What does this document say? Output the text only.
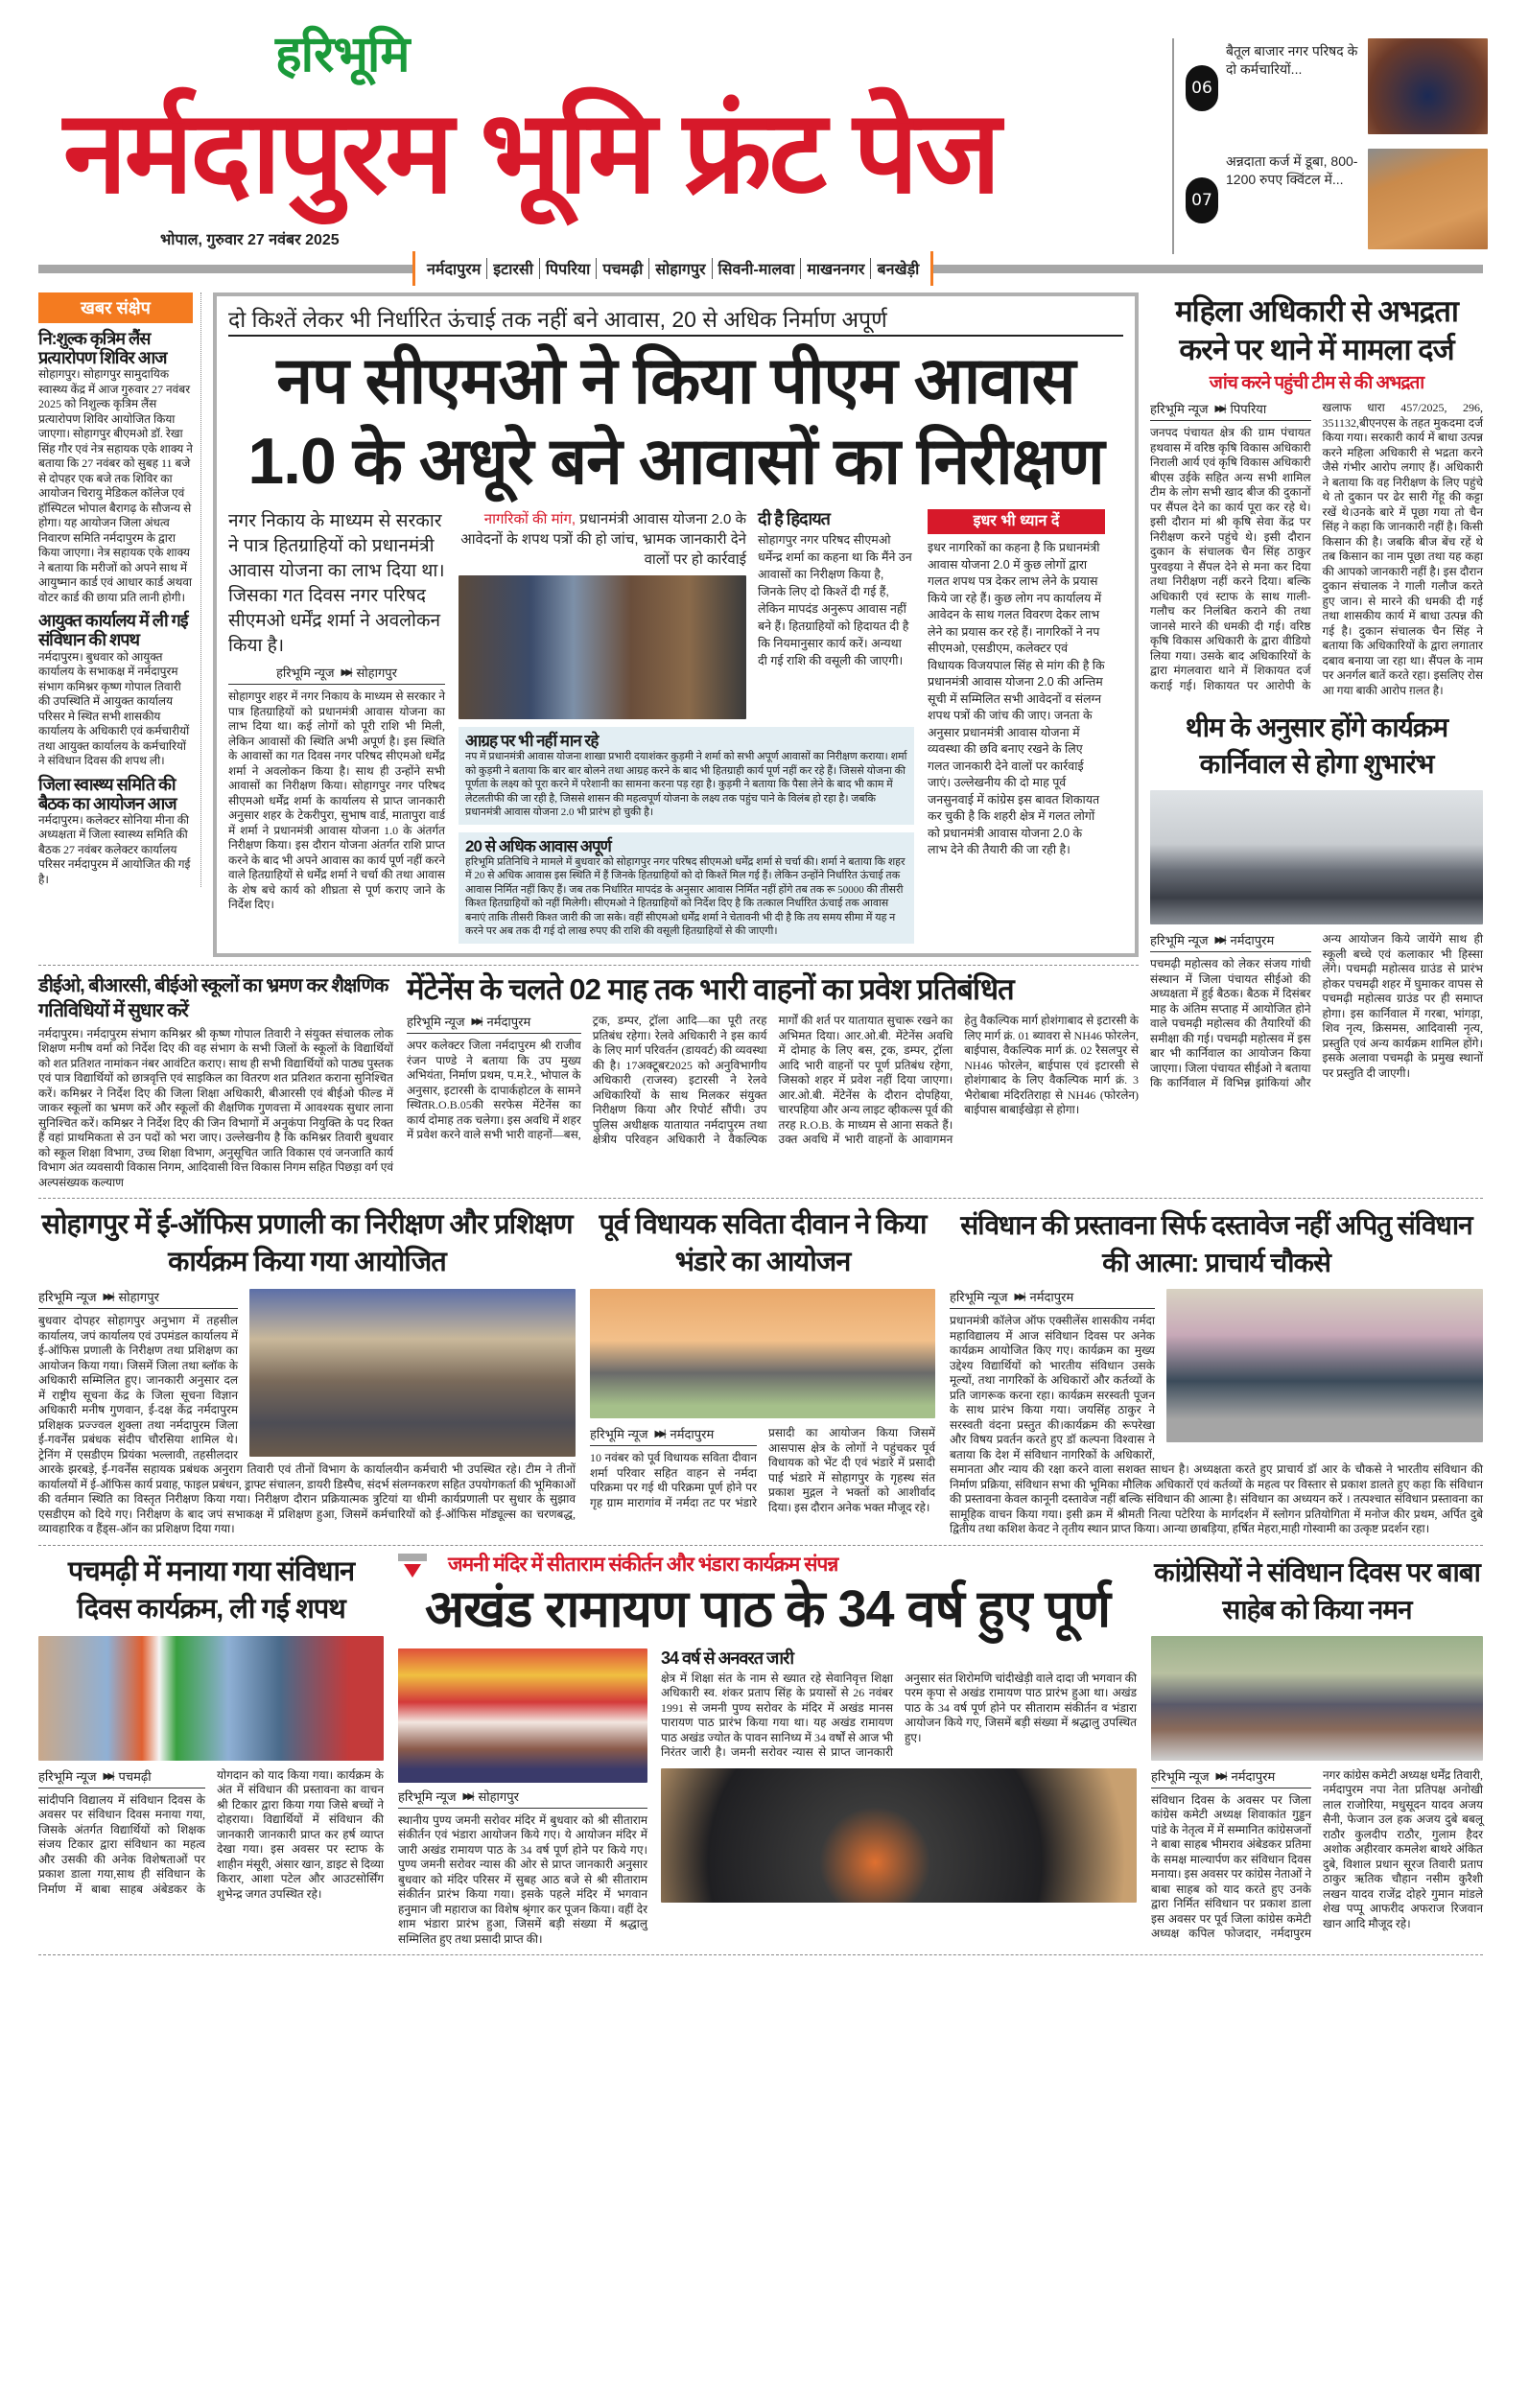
हरिभूमि
नर्मदापुरम भूमि फ्रंट पेज
भोपाल, गुरुवार 27 नवंबर 2025
06
बैतूल बाजार नगर परिषद के दो कर्मचारियों...
07
अन्नदाता कर्ज में डूबा, 800-1200 रुपए क्विंटल में...
नर्मदापुरम इटारसी पिपरिया पचमढ़ी सोहागपुर सिवनी-मालवा माखननगर बनखेड़ी
खबर संक्षेप
नि:शुल्क कृत्रिम लैंस प्रत्यारोपण शिविर आज
सोहागपुर। सोहागपुर सामुदायिक स्वास्थ्य केंद्र में आज गुरुवार 27 नवंबर 2025 को निशुल्क कृत्रिम लैंस प्रत्यारोपण शिविर आयोजित किया जाएगा। सोहागपुर बीएमओ डॉ. रेखा सिंह गौर एवं नेत्र सहायक एके शाक्य ने बताया कि 27 नवंबर को सुबह 11 बजे से दोपहर एक बजे तक शिविर का आयोजन चिरायु मेडिकल कॉलेज एवं हॉस्पिटल भोपाल बैरागढ़ के सौजन्य से होगा। यह आयोजन जिला अंधत्व निवारण समिति नर्मदापुरम के द्वारा किया जाएगा। नेत्र सहायक एके शाक्य ने बताया कि मरीजों को अपने साथ में आयुष्मान कार्ड एवं आधार कार्ड अथवा वोटर कार्ड की छाया प्रति लानी होगी।
आयुक्त कार्यालय में ली गई संविधान की शपथ
नर्मदापुरम। बुधवार को आयुक्त कार्यालय के सभाकक्ष में नर्मदापुरम संभाग कमिश्नर कृष्ण गोपाल तिवारी की उपस्थिति में आयुक्त कार्यालय परिसर मे स्थित सभी शासकीय कार्यालय के अधिकारी एवं कर्मचारीयों तथा आयुक्त कार्यालय के कर्मचारियों ने संविधान दिवस की शपथ ली।
जिला स्वास्थ्य समिति की बैठक का आयोजन आज
नर्मदापुरम। कलेक्टर सोनिया मीना की अध्यक्षता में जिला स्वास्थ्य समिति की बैठक 27 नवंबर कलेक्टर कार्यालय परिसर नर्मदापुरम में आयोजित की गई है।
दो किश्तें लेकर भी निर्धारित ऊंचाई तक नहीं बने आवास, 20 से अधिक निर्माण अपूर्ण
नप सीएमओ ने किया पीएम आवास 1.0 के अधूरे बने आवासों का निरीक्षण
नगर निकाय के माध्यम से सरकार ने पात्र हितग्राहियों को प्रधानमंत्री आवास योजना का लाभ दिया था। जिसका गत दिवस नगर परिषद सीएमओ धर्मेंद्र शर्मा ने अवलोकन किया है।
हरिभूमि न्यूज ▶▶| सोहागपुर
सोहागपुर शहर में नगर निकाय के माध्यम से सरकार ने पात्र हितग्राहियों को प्रधानमंत्री आवास योजना का लाभ दिया था। कई लोगों को पूरी राशि भी मिली, लेकिन आवासों की स्थिति अभी अपूर्ण है। इस स्थिति के आवासों का गत दिवस नगर परिषद सीएमओ धर्मेंद्र शर्मा ने अवलोकन किया है। साथ ही उन्होंने सभी आवासों का निरीक्षण किया। सोहागपुर नगर परिषद सीएमओ धर्मेंद्र शर्मा के कार्यालय से प्राप्त जानकारी अनुसार शहर के टेकरीपुरा, सुभाष वार्ड, मातापुरा वार्ड में शर्मा ने प्रधानमंत्री आवास योजना 1.0 के अंतर्गत निरीक्षण किया। इस दौरान योजना अंतर्गत राशि प्राप्त करने के बाद भी अपने आवास का कार्य पूर्ण नहीं करने वाले हितग्राहियों से धर्मेंद्र शर्मा ने चर्चा की तथा आवास के शेष बचे कार्य को शीघ्रता से पूर्ण कराए जाने के निर्देश दिए।
नागरिकों की मांग, प्रधानमंत्री आवास योजना 2.0 के आवेदनों के शपथ पत्रों की हो जांच, भ्रामक जानकारी देने वालों पर हो कार्रवाई
दी है हिदायत
सोहागपुर नगर परिषद सीएमओ धर्मेन्द्र शर्मा का कहना था कि मैंने उन आवासों का निरीक्षण किया है, जिनके लिए दो किश्तें दी गई हैं, लेकिन मापदंड अनुरूप आवास नहीं बने हैं। हितग्राहियों को हिदायत दी है कि नियमानुसार कार्य करें। अन्यथा दी गई राशि की वसूली की जाएगी।
आग्रह पर भी नहीं मान रहे
नप में प्रधानमंत्री आवास योजना शाखा प्रभारी दयाशंकर कुड़मी ने शर्मा को सभी अपूर्ण आवासों का निरीक्षण कराया। शर्मा को कुड़मी ने बताया कि बार बार बोलने तथा आग्रह करने के बाद भी हितग्राही कार्य पूर्ण नहीं कर रहे हैं। जिससे योजना की पूर्णता के लक्ष्य को पूरा करने में परेशानी का सामना करना पड़ रहा है। कुड़मी ने बताया कि पैसा लेने के बाद भी काम में लेटलतीफी की जा रही है, जिससे शासन की महत्वपूर्ण योजना के लक्ष्य तक पहुंच पाने के विलंब हो रहा है। जबकि प्रधानमंत्री आवास योजना 2.0 भी प्रारंभ हो चुकी है।
20 से अधिक आवास अपूर्ण
हरिभूमि प्रतिनिधि ने मामले में बुधवार को सोहागपुर नगर परिषद सीएमओ धर्मेंद्र शर्मा से चर्चा की। शर्मा ने बताया कि शहर में 20 से अधिक आवास इस स्थिति में हैं जिनके हितग्राहियों को दो किश्तें मिल गई हैं। लेकिन उन्होंने निर्धारित ऊंचाई तक आवास निर्मित नहीं किए हैं। जब तक निर्धारित मापदंड के अनुसार आवास निर्मित नहीं होंगे तब तक रू 50000 की तीसरी किश्त हितग्राहियों को नहीं मिलेगी। सीएमओ ने हितग्राहियों को निर्देश दिए है कि तत्काल निर्धारित ऊंचाई तक आवास बनाएं ताकि तीसरी किश्त जारी की जा सके। वहीं सीएमओ धर्मेंद्र शर्मा ने चेतावनी भी दी है कि तय समय सीमा में यह न करने पर अब तक दी गई दो लाख रुपए की राशि की वसूली हितग्राहियों से की जाएगी।
इधर भी ध्यान दें
इधर नागरिकों का कहना है कि प्रधानमंत्री आवास योजना 2.0 में कुछ लोगों द्वारा गलत शपथ पत्र देकर लाभ लेने के प्रयास किये जा रहे हैं। कुछ लोग नप कार्यालय में आवेदन के साथ गलत विवरण देकर लाभ लेने का प्रयास कर रहे हैं। नागरिकों ने नप सीएमओ, एसडीएम, कलेक्टर एवं विधायक विजयपाल सिंह से मांग की है कि प्रधानमंत्री आवास योजना 2.0 की अन्तिम सूची में सम्मिलित सभी आवेदनों व संलग्न शपथ पत्रों की जांच की जाए। जनता के अनुसार प्रधानमंत्री आवास योजना में व्यवस्था की छवि बनाए रखने के लिए गलत जानकारी देने वालों पर कार्रवाई जाएं। उल्लेखनीय की दो माह पूर्व जनसुनवाई में कांग्रेस इस बावत शिकायत कर चुकी है कि शहरी क्षेत्र में गलत लोगों को प्रधानमंत्री आवास योजना 2.0 के लाभ देने की तैयारी की जा रही है।
डीईओ, बीआरसी, बीईओ स्कूलों का भ्रमण कर शैक्षणिक गतिविधियों में सुधार करें
नर्मदापुरम। नर्मदापुरम संभाग कमिश्नर श्री कृष्ण गोपाल तिवारी ने संयुक्त संचालक लोक शिक्षण मनीष वर्मा को निर्देश दिए की वह संभाग के सभी जिलों के स्कूलों के विद्यार्थियों को शत प्रतिशत नामांकन नंबर आवंटित कराए। साथ ही सभी विद्यार्थियों को पाठ्य पुस्तक एवं पात्र विद्यार्थियों को छात्रवृत्ति एवं साइकिल का वितरण शत प्रतिशत कराना सुनिश्चित करें। कमिश्नर ने निर्देश दिए की जिला शिक्षा अधिकारी, बीआरसी एवं बीईओ फील्ड में जाकर स्कूलों का भ्रमण करें और स्कूलों की शैक्षणिक गुणवत्ता में आवश्यक सुधार लाना सुनिश्चित करें। कमिश्नर ने निर्देश दिए की जिन विभागों में अनुकंपा नियुक्ति के पद रिक्त हैं वहां प्राथमिकता से उन पदों को भरा जाए। उल्लेखनीय है कि कमिश्नर तिवारी बुधवार को स्कूल शिक्षा विभाग, उच्च शिक्षा विभाग, अनुसूचित जाति विकास एवं जनजाति कार्य विभाग अंत व्यवसायी विकास निगम, आदिवासी वित्त विकास निगम सहित पिछड़ा वर्ग एवं अल्पसंख्यक कल्याण
मेंटेनेंस के चलते 02 माह तक भारी वाहनों का प्रवेश प्रतिबंधित
हरिभूमि न्यूज ▶▶| नर्मदापुरम
अपर कलेक्टर जिला नर्मदापुरम श्री राजीव रंजन पाण्डे ने बताया कि उप मुख्य अभियंता, निर्माण प्रथम, प.म.रे., भोपाल के अनुसार, इटारसी के दापार्कहोटल के सामने स्थितR.O.B.05की सरफेस मेंटेनेंस का कार्य दोमाह तक चलेगा। इस अवधि में शहर में प्रवेश करने वाले सभी भारी वाहनों—बस, ट्रक, डम्पर, ट्रॉला आदि—का पूरी तरह प्रतिबंध रहेगा। रेलवे अधिकारी ने इस कार्य के लिए मार्ग परिवर्तन (डायवर्ट) की व्यवस्था की है। 17अक्टूबर2025 को अनुविभागीय अधिकारी (राजस्व) इटारसी ने रेलवे अधिकारियों के साथ मिलकर संयुक्त निरीक्षण किया और रिपोर्ट सौंपी। उप पुलिस अधीक्षक यातायात नर्मदापुरम तथा क्षेत्रीय परिवहन अधिकारी ने वैकल्पिक मार्गों की शर्त पर यातायात सुचारू रखने का अभिमत दिया। आर.ओ.बी. मेंटेनेंस अवधि में दोमाह के लिए बस, ट्रक, डम्पर, ट्रॉला आदि भारी वाहनों पर पूर्ण प्रतिबंध रहेगा, जिसको शहर में प्रवेश नहीं दिया जाएगा। आर.ओ.बी. मेंटेनेंस के दौरान दोपहिया, चारपहिया और अन्य लाइट व्हीकल्स पूर्व की तरह R.O.B. के माध्यम से आना सकते हैं। उक्त अवधि में भारी वाहनों के आवागमन हेतु वैकल्पिक मार्ग होशंगाबाद से इटारसी के लिए मार्ग क्रं. 01 ब्यावरा से NH46 फोरलेन, बाईपास, वैकल्पिक मार्ग क्रं. 02 रैसलपुर से NH46 फोरलेन, बाईपास एवं इटारसी से होशंगाबाद के लिए वैकल्पिक मार्ग क्रं. 3 भैरोबाबा मंदिरतिराहा से NH46 (फोरलेन) बाईपास बाबाईखेड़ा से होगा।
महिला अधिकारी से अभद्रता करने पर थाने में मामला दर्ज
जांच करने पहुंची टीम से की अभद्रता
हरिभूमि न्यूज ▶▶| पिपरिया
जनपद पंचायत क्षेत्र की ग्राम पंचायत हथवास में वरिष्ठ कृषि विकास अधिकारी निराली आर्य एवं कृषि विकास अधिकारी बीएस उईके सहित अन्य सभी शामिल टीम के लोग सभी खाद बीज की दुकानों पर सैंपल देने का कार्य पूरा कर रहे थे। इसी दौरान मां श्री कृषि सेवा केंद्र पर निरीक्षण करने पहुंचे थे। इसी दौरान दुकान के संचालक चैन सिंह ठाकुर पुरवइया ने सैंपल देने से मना कर दिया तथा निरीक्षण नहीं करने दिया। बल्कि अधिकारी एवं स्टाफ के साथ गाली-गलौच कर निलंबित कराने की तथा जानसे मारने की धमकी दी गई। वरिष्ठ कृषि विकास अधिकारी के द्वारा वीडियो लिया गया। उसके बाद अधिकारियों के द्वारा मंगलवारा थाने में शिकायत दर्ज कराई गई। शिकायत पर आरोपी के खलाफ धारा 457/2025, 296, 351132,बीएनएस के तहत मुकदमा दर्ज किया गया। सरकारी कार्य में बाधा उत्पन्न करने महिला अधिकारी से भद्रता करने जैसे गंभीर आरोप लगाए हैं। अधिकारी ने बताया कि वह निरीक्षण के लिए पहुंचे थे तो दुकान पर ढेर सारी गेंहू की कट्टा रखें थे।उनके बारे में पूछा गया तो चैन सिंह ने कहा कि जानकारी नहीं है। किसी किसान की है। जबकि बीज बेंच रहें थे तब किसान का नाम पूछा तथा यह कहा की आपको जानकारी नहीं है। इस दौरान दुकान संचालक ने गाली गलौज करते हुए जान। से मारने की धमकी दी गई तथा शासकीय कार्य में बाधा उत्पन्न की गई है। दुकान संचालक चैन सिंह ने बताया कि अधिकारियों के द्वारा लगातार दबाव बनाया जा रहा था। सैंपल के नाम पर अनर्गल बातें करते रहा। इसलिए रोस आ गया बाकी आरोप ग़लत है।
थीम के अनुसार होंगे कार्यक्रम कार्निवाल से होगा शुभारंभ
हरिभूमि न्यूज ▶▶| नर्मदापुरम
पचमढ़ी महोत्सव को लेकर संजय गांधी संस्थान में जिला पंचायत सीईओ की अध्यक्षता में हुई बैठक। बैठक में दिसंबर माह के अंतिम सप्ताह में आयोजित होने वाले पचमढ़ी महोत्सव की तैयारियों की समीक्षा की गई। पचमढ़ी महोत्सव में इस बार भी कार्निवाल का आयोजन किया जाएगा। जिला पंचायत सीईओ ने बताया कि कार्निवाल में विभिन्न झांकियां और अन्य आयोजन किये जायेंगे साथ ही स्कूली बच्चे एवं कलाकार भी हिस्सा लेंगे। पचमढ़ी महोत्सव ग्राउंड से प्रारंभ होकर पचमढ़ी शहर में घुमाकर वापस से पचमढ़ी महोत्सव ग्राउंड पर ही समाप्त होगा। इस कार्निवाल में गरबा, भांगड़ा, शिव नृत्य, क्रिसमस, आदिवासी नृत्य, प्रस्तुति एवं अन्य कार्यक्रम शामिल होंगे। इसके अलावा पचमढ़ी के प्रमुख स्थानों पर प्रस्तुति दी जाएगी।
सोहागपुर में ई-ऑफिस प्रणाली का निरीक्षण और प्रशिक्षण कार्यक्रम किया गया आयोजित
हरिभूमि न्यूज ▶▶| सोहागपुर
बुधवार दोपहर सोहागपुर अनुभाग में तहसील कार्यालय, जपं कार्यालय एवं उपमंडल कार्यालय में ई-ऑफिस प्रणाली के निरीक्षण तथा प्रशिक्षण का आयोजन किया गया। जिसमें जिला तथा ब्लॉक के अधिकारी सम्मिलित हुए। जानकारी अनुसार दल में राष्ट्रीय सूचना केंद्र के जिला सूचना विज्ञान अधिकारी मनीष गुणवान, ई-दक्ष केंद्र नर्मदापुरम प्रशिक्षक प्रज्ज्वल शुक्ला तथा नर्मदापुरम जिला ई-गवर्नेंस प्रबंधक संदीप चौरसिया शामिल थे। ट्रेनिंग में एसडीएम प्रियंका भल्लावी, तहसीलदार आरके झरबड़े, ई-गवर्नेंस सहायक प्रबंधक अनुराग तिवारी एवं तीनों विभाग के कार्यालयीन कर्मचारी भी उपस्थित रहे। टीम ने तीनों कार्यालयों में ई-ऑफिस कार्य प्रवाह, फाइल प्रबंधन, ड्राफ्ट संचालन, डायरी डिस्पैच, संदर्भ संलग्नकरण सहित उपयोगकर्ता की भूमिकाओं की वर्तमान स्थिति का विस्तृत निरीक्षण किया गया। निरीक्षण दौरान प्रक्रियात्मक त्रुटियां या धीमी कार्यप्रणाली पर सुधार के सुझाव एसडीएम को दिये गए। निरीक्षण के बाद जपं सभाकक्ष में प्रशिक्षण हुआ, जिसमें कर्मचारियों को ई-ऑफिस मॉड्यूल्स का चरणबद्ध, व्यावहारिक व हैंड्स-ऑन का प्रशिक्षण दिया गया।
पूर्व विधायक सविता दीवान ने किया भंडारे का आयोजन
हरिभूमि न्यूज ▶▶| नर्मदापुरम
10 नवंबर को पूर्व विधायक सविता दीवान शर्मा परिवार सहित वाहन से नर्मदा परिक्रमा पर गई थी परिक्रमा पूर्ण होने पर गृह ग्राम मारागांव में नर्मदा तट पर भंडारे प्रसादी का आयोजन किया जिसमें आसपास क्षेत्र के लोगों ने पहुंचकर पूर्व विधायक को भेंट दी एवं भंडारे में प्रसादी पाई भंडारे में सोहागपुर के गृहस्थ संत प्रकाश मुद्गल ने भक्तों को आशीर्वाद दिया। इस दौरान अनेक भक्त मौजूद रहे।
संविधान की प्रस्तावना सिर्फ दस्तावेज नहीं अपितु संविधान की आत्मा: प्राचार्य चौकसे
हरिभूमि न्यूज ▶▶| नर्मदापुरम
प्रधानमंत्री कॉलेज ऑफ एक्सीलेंस शासकीय नर्मदा महाविद्यालय में आज संविधान दिवस पर अनेक कार्यक्रम आयोजित किए गए। कार्यक्रम का मुख्य उद्देश्य विद्यार्थियों को भारतीय संविधान उसके मूल्यों, तथा नागरिकों के अधिकारों और कर्तव्यों के प्रति जागरूक करना रहा। कार्यक्रम सरस्वती पूजन के साथ प्रारंभ किया गया। जयसिंह ठाकुर ने सरस्वती वंदना प्रस्तुत की।कार्यक्रम की रूपरेखा और विषय प्रवर्तन करते हुए डॉ कल्पना विश्वास ने बताया कि देश में संविधान नागरिकों के अधिकारों, समानता और न्याय की रक्षा करने वाला सशक्त साधन है। अध्यक्षता करते हुए प्राचार्य डॉ आर के चौकसे ने भारतीय संविधान की निर्माण प्रक्रिया, संविधान सभा की भूमिका मौलिक अधिकारों एवं कर्तव्यों के महत्व पर विस्तार से प्रकाश डालते हुए कहा कि संविधान की प्रस्तावना केवल कानूनी दस्तावेज नहीं बल्कि संविधान की आत्मा है। संविधान का अध्ययन करें । तत्पश्चात संविधान प्रस्तावना का सामूहिक वाचन किया गया। इसी क्रम में श्रीमती नित्या पटेरिया के मार्गदर्शन में स्लोगन प्रतियोगिता में मनोज कीर प्रथम, अर्पित दुबे द्वितीय तथा कशिश केवट ने तृतीय स्थान प्राप्त किया। आन्या छाबड़िया, हर्षित मेहरा,माही गोस्वामी का उत्कृष्ट प्रदर्शन रहा।
पचमढ़ी में मनाया गया संविधान दिवस कार्यक्रम, ली गई शपथ
हरिभूमि न्यूज ▶▶| पचमढ़ी
सांदीपनि विद्यालय में संविधान दिवस के अवसर पर संविधान दिवस मनाया गया, जिसके अंतर्गत विद्यार्थियों को शिक्षक संजय टिकार द्वारा संविधान का महत्व और उसकी की अनेक विशेषताओं पर प्रकाश डाला गया,साथ ही संविधान के निर्माण में बाबा साहब अंबेडकर के योगदान को याद किया गया। कार्यक्रम के अंत में संविधान की प्रस्तावना का वाचन श्री टिकार द्वारा किया गया जिसे बच्चों ने दोहराया। विद्यार्थियों में संविधान की जानकारी जानकारी प्राप्त कर हर्ष व्याप्त देखा गया। इस अवसर पर स्टाफ के शाहीन मंसूरी, अंसार खान, डाइट से दिव्या किरार, आशा पटेल और आउटसोर्सिंग शुभेन्द्र जगत उपस्थित रहे।
जमनी मंदिर में सीताराम संकीर्तन और भंडारा कार्यक्रम संपन्न
अखंड रामायण पाठ के 34 वर्ष हुए पूर्ण
हरिभूमि न्यूज ▶▶| सोहागपुर
स्थानीय पुण्य जमनी सरोवर मंदिर में बुधवार को श्री सीताराम संकीर्तन एवं भंडारा आयोजन किये गए। ये आयोजन मंदिर में जारी अखंड रामायण पाठ के 34 वर्ष पूर्ण होने पर किये गए। पुण्य जमनी सरोवर न्यास की ओर से प्राप्त जानकारी अनुसार बुधवार को मंदिर परिसर में सुबह आठ बजे से श्री सीताराम संकीर्तन प्रारंभ किया गया। इसके पहले मंदिर में भगवान हनुमान जी महाराज का विशेष श्रृंगार कर पूजन किया। वहीं देर शाम भंडारा प्रारंभ हुआ, जिसमें बड़ी संख्या में श्रद्धालु सम्मिलित हुए तथा प्रसादी प्राप्त की।
34 वर्ष से अनवरत जारी
क्षेत्र में शिक्षा संत के नाम से ख्यात रहे सेवानिवृत्त शिक्षा अधिकारी स्व. शंकर प्रताप सिंह के प्रयासों से 26 नवंबर 1991 से जमनी पुण्य सरोवर के मंदिर में अखंड मानस पारायण पाठ प्रारंभ किया गया था। यह अखंड रामायण पाठ अखंड ज्योत के पावन सानिध्य में 34 वर्षों से आज भी निरंतर जारी है। जमनी सरोवर न्यास से प्राप्त जानकारी अनुसार संत शिरोमणि चांदीखेड़ी वाले दादा जी भगवान की परम कृपा से अखंड रामायण पाठ प्रारंभ हुआ था। अखंड पाठ के 34 वर्ष पूर्ण होने पर सीताराम संकीर्तन व भंडारा आयोजन किये गए, जिसमें बड़ी संख्या में श्रद्धालु उपस्थित हुए।
कांग्रेसियों ने संविधान दिवस पर बाबा साहेब को किया नमन
हरिभूमि न्यूज ▶▶| नर्मदापुरम
संविधान दिवस के अवसर पर जिला कांग्रेस कमेटी अध्यक्ष शिवाकांत गुड्डन पांडे के नेतृत्व में में सम्मानित कांग्रेसजनों ने बाबा साहब भीमराव अंबेडकर प्रतिमा के समक्ष माल्यार्पण कर संविधान दिवस मनाया। इस अवसर पर कांग्रेस नेताओं ने बाबा साहब को याद करते हुए उनके द्वारा निर्मित संविधान पर प्रकाश डाला इस अवसर पर पूर्व जिला कांग्रेस कमेटी अध्यक्ष कपिल फोजदार, नर्मदापुरम नगर कांग्रेस कमेटी अध्यक्ष धर्मेंद्र तिवारी, नर्मदापुरम नपा नेता प्रतिपक्ष अनोखी लाल राजोरिया, मधुसूदन यादव अजय सैनी, फेजान उल हक अजय दुबे बबलू राठौर कुलदीप राठौर, गुलाम हैदर अशोक अहीरवार कमलेश बाथरे अंकित दुबे, विशाल प्रधान सूरज तिवारी प्रताप ठाकुर ऋतिक चौहान नसीम कुरैशी लखन यादव राजेंद्र दोहरे गुमान मांडले शेख पप्पू आफरीद अफराज रिजवान खान आदि मौजूद रहे।
